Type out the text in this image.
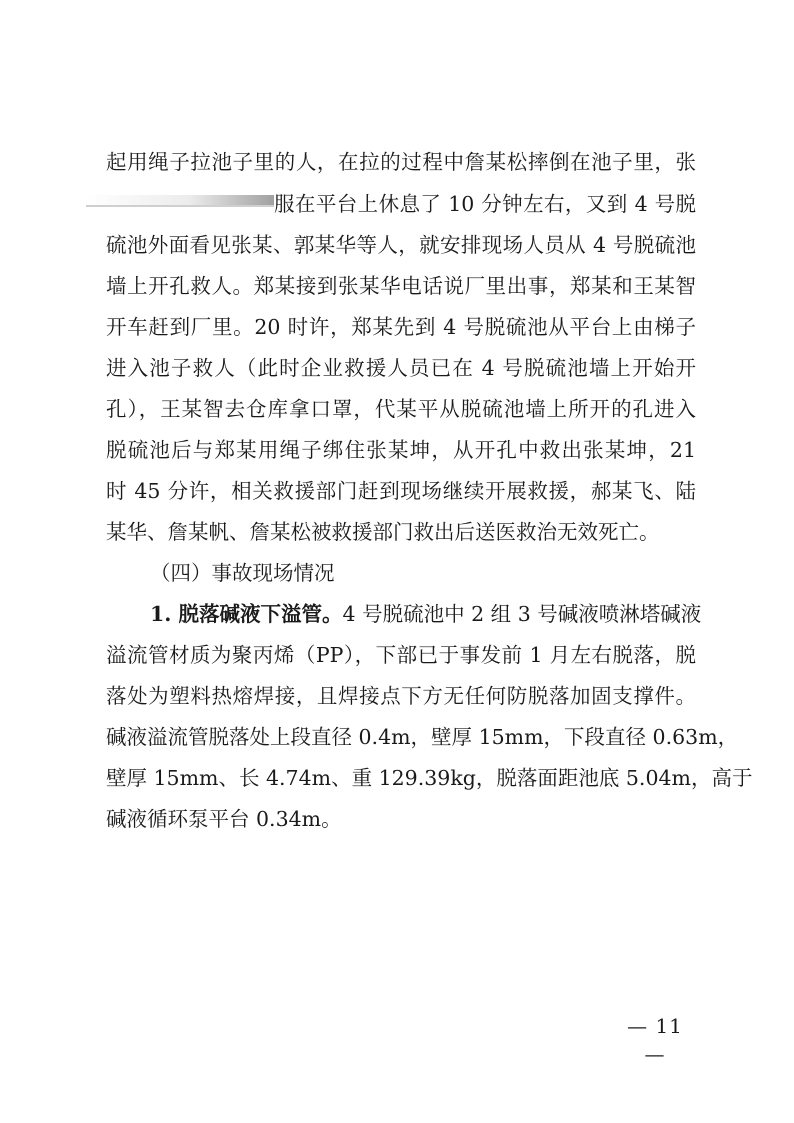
起用绳子拉池子里的人，在拉的过程中詹某松摔倒在池子里，张
服在平台上休息了 10 分钟左右，又到 4 号脱
硫池外面看见张某、郭某华等人，就安排现场人员从 4 号脱硫池
墙上开孔救人。郑某接到张某华电话说厂里出事，郑某和王某智
开车赶到厂里。20 时许，郑某先到 4 号脱硫池从平台上由梯子
进入池子救人（此时企业救援人员已在 4 号脱硫池墙上开始开
孔），王某智去仓库拿口罩，代某平从脱硫池墙上所开的孔进入
脱硫池后与郑某用绳子绑住张某坤，从开孔中救出张某坤，21
时 45 分许，相关救援部门赶到现场继续开展救援，郝某飞、陆
某华、詹某帆、詹某松被救援部门救出后送医救治无效死亡。
（四）事故现场情况
1. 脱落碱液下溢管。4 号脱硫池中 2 组 3 号碱液喷淋塔碱液
溢流管材质为聚丙烯（PP），下部已于事发前 1 月左右脱落，脱
落处为塑料热熔焊接，且焊接点下方无任何防脱落加固支撑件。
碱液溢流管脱落处上段直径 0.4m，壁厚 15mm，下段直径 0.63m，
壁厚 15mm、长 4.74m、重 129.39kg，脱落面距池底 5.04m，高于
碱液循环泵平台 0.34m。
— 11 —
